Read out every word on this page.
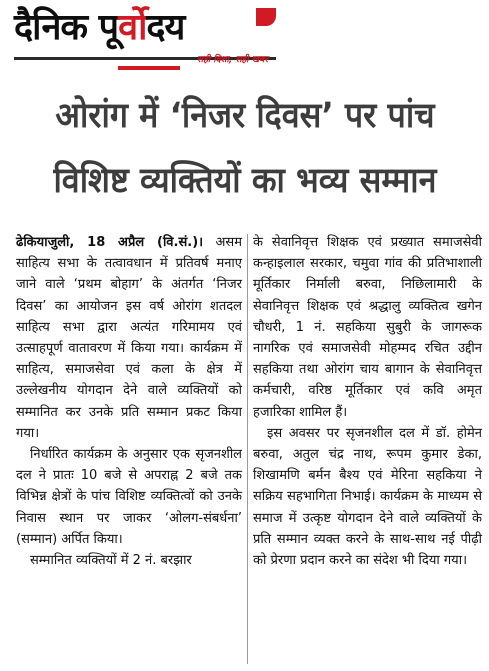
दैनिक पूर्वोदय
सही दिशा, सही खबर
ओरांग में ‘निजर दिवस’ पर पांच
विशिष्ट व्यक्तियों का भव्य सम्मान

ढेकियाजुली, 18 अप्रैल (वि.सं.)। असम साहित्य सभा के तत्वावधान में प्रतिवर्ष मनाए जाने वाले ‘प्रथम बोहाग’ के अंतर्गत ‘निजर दिवस’ का आयोजन इस वर्ष ओरांग शतदल साहित्य सभा द्वारा अत्यंत गरिमामय एवं उत्साहपूर्ण वातावरण में किया गया। कार्यक्रम में साहित्य, समाजसेवा एवं कला के क्षेत्र में उल्लेखनीय योगदान देने वाले व्यक्तियों को सम्मानित कर उनके प्रति सम्मान प्रकट किया गया।

निर्धारित कार्यक्रम के अनुसार एक सृजनशील दल ने प्रातः 10 बजे से अपराह्न 2 बजे तक विभिन्न क्षेत्रों के पांच विशिष्ट व्यक्तित्वों को उनके निवास स्थान पर जाकर ‘ओलग-संबर्धना’ (सम्मान) अर्पित किया।

सम्मानित व्यक्तियों में 2 नं. बरझार

के सेवानिवृत्त शिक्षक एवं प्रख्यात समाजसेवी कन्हाइलाल सरकार, चमुवा गांव की प्रतिभाशाली मूर्तिकार निर्माली बरुवा, निछिलामारी के सेवानिवृत्त शिक्षक एवं श्रद्धालु व्यक्तित्व खगेन चौधरी, 1 नं. सहकिया सुबुरी के जागरूक नागरिक एवं समाजसेवी मोहम्मद रचित उद्दीन सहकिया तथा ओरांग चाय बागान के सेवानिवृत्त कर्मचारी, वरिष्ठ मूर्तिकार एवं कवि अमृत हजारिका शामिल हैं।

इस अवसर पर सृजनशील दल में डॉ. होमेन बरुवा, अतुल चंद्र नाथ, रूपम कुमार डेका, शिखामणि बर्मन बैश्य एवं मेरिना सहकिया ने सक्रिय सहभागिता निभाई। कार्यक्रम के माध्यम से समाज में उत्कृष्ट योगदान देने वाले व्यक्तियों के प्रति सम्मान व्यक्त करने के साथ-साथ नई पीढ़ी को प्रेरणा प्रदान करने का संदेश भी दिया गया।
